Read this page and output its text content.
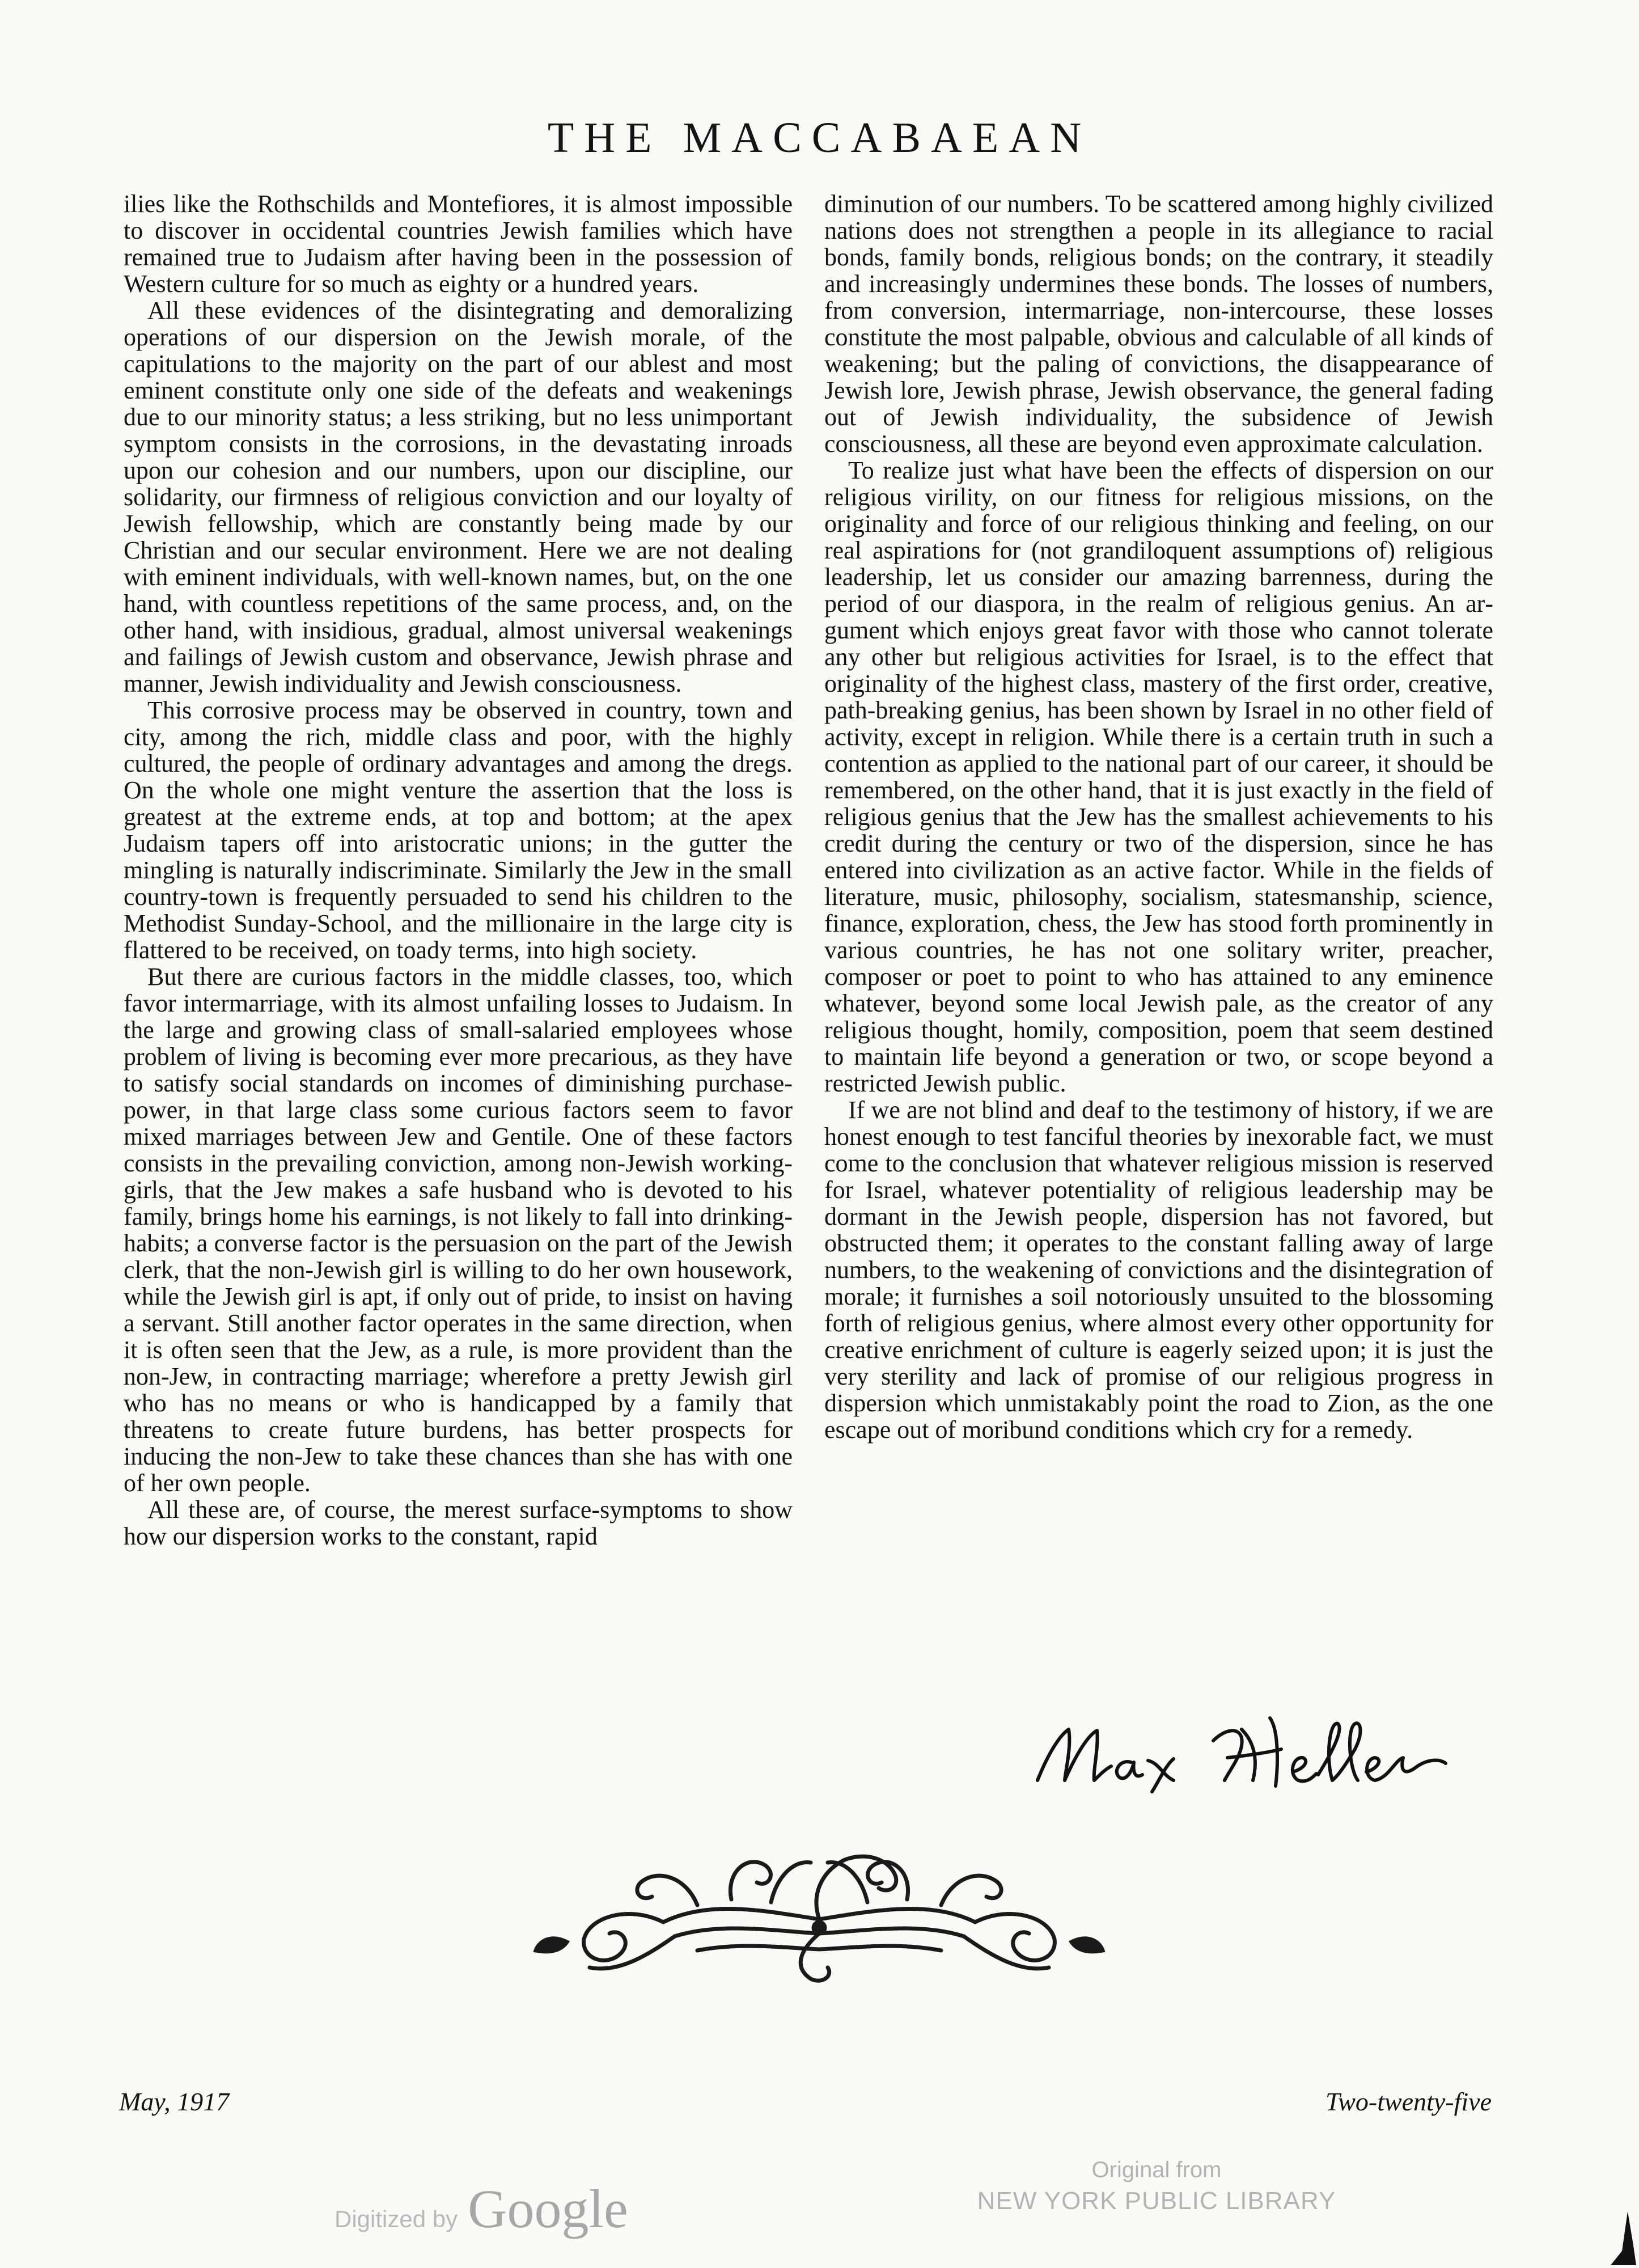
THE MACCABAEAN

ilies like the Rothschilds and Montefiores, it is almost impossible to discover in occidental countries Jewish families which have remained true to Judaism after having been in the possession of Western culture for so much as eighty or a hundred years.

All these evidences of the disintegrating and demoralizing operations of our dispersion on the Jewish morale, of the capitulations to the majority on the part of our ablest and most eminent constitute only one side of the defeats and weakenings due to our minority status; a less striking, but no less unimportant symptom consists in the corrosions, in the devastating inroads upon our cohesion and our numbers, upon our discipline, our solidarity, our firmness of religious conviction and our loyalty of Jewish fellowship, which are constantly being made by our Christian and our secular environment. Here we are not dealing with eminent individuals, with well-known names, but, on the one hand, with countless repetitions of the same process, and, on the other hand, with insidious, gradual, almost universal weakenings and failings of Jewish custom and observance, Jewish phrase and manner, Jewish individuality and Jewish consciousness.

This corrosive process may be observed in country, town and city, among the rich, middle class and poor, with the highly cultured, the people of ordinary advantages and among the dregs. On the whole one might venture the assertion that the loss is greatest at the extreme ends, at top and bottom; at the apex Judaism tapers off into aristocratic unions; in the gutter the mingling is naturally indiscriminate. Similarly the Jew in the small country-town is frequently persuaded to send his children to the Methodist Sunday-School, and the millionaire in the large city is flattered to be received, on toady terms, into high society.

But there are curious factors in the middle classes, too, which favor intermarriage, with its almost unfailing losses to Judaism. In the large and growing class of small-salaried employees whose problem of living is becoming ever more precarious, as they have to satisfy social standards on incomes of diminishing purchase-power, in that large class some curious factors seem to favor mixed marriages between Jew and Gentile. One of these factors consists in the prevailing conviction, among non-Jewish working-girls, that the Jew makes a safe husband who is devoted to his family, brings home his earnings, is not likely to fall into drinking-habits; a converse factor is the persuasion on the part of the Jewish clerk, that the non-Jewish girl is willing to do her own housework, while the Jewish girl is apt, if only out of pride, to insist on having a servant. Still another factor operates in the same direction, when it is often seen that the Jew, as a rule, is more provident than the non-Jew, in contracting marriage; wherefore a pretty Jewish girl who has no means or who is handicapped by a family that threatens to create future burdens, has better prospects for inducing the non-Jew to take these chances than she has with one of her own people.

All these are, of course, the merest surface-symptoms to show how our dispersion works to the constant, rapid

diminution of our numbers. To be scattered among highly civilized nations does not strengthen a people in its allegiance to racial bonds, family bonds, religious bonds; on the contrary, it steadily and increasingly undermines these bonds. The losses of numbers, from conversion, intermarriage, non-intercourse, these losses constitute the most palpable, obvious and calculable of all kinds of weakening; but the paling of convictions, the disappearance of Jewish lore, Jewish phrase, Jewish observance, the general fading out of Jewish individuality, the subsidence of Jewish consciousness, all these are beyond even approximate calculation.

To realize just what have been the effects of dispersion on our religious virility, on our fitness for religious missions, on the originality and force of our religious thinking and feeling, on our real aspirations for (not grandiloquent assumptions of) religious leadership, let us consider our amazing barrenness, during the period of our diaspora, in the realm of religious genius. An argument which enjoys great favor with those who cannot tolerate any other but religious activities for Israel, is to the effect that originality of the highest class, mastery of the first order, creative, path-breaking genius, has been shown by Israel in no other field of activity, except in religion. While there is a certain truth in such a contention as applied to the national part of our career, it should be remembered, on the other hand, that it is just exactly in the field of religious genius that the Jew has the smallest achievements to his credit during the century or two of the dispersion, since he has entered into civilization as an active factor. While in the fields of literature, music, philosophy, socialism, statesmanship, science, finance, exploration, chess, the Jew has stood forth prominently in various countries, he has not one solitary writer, preacher, composer or poet to point to who has attained to any eminence whatever, beyond some local Jewish pale, as the creator of any religious thought, homily, composition, poem that seem destined to maintain life beyond a generation or two, or scope beyond a restricted Jewish public.

If we are not blind and deaf to the testimony of history, if we are honest enough to test fanciful theories by inexorable fact, we must come to the conclusion that whatever religious mission is reserved for Israel, whatever potentiality of religious leadership may be dormant in the Jewish people, dispersion has not favored, but obstructed them; it operates to the constant falling away of large numbers, to the weakening of convictions and the disintegration of morale; it furnishes a soil notoriously unsuited to the blossoming forth of religious genius, where almost every other opportunity for creative enrichment of culture is eagerly seized upon; it is just the very sterility and lack of promise of our religious progress in dispersion which unmistakably point the road to Zion, as the one escape out of moribund conditions which cry for a remedy.

May, 1917	Two-twenty-five
Digitized by Google
Original from
NEW YORK PUBLIC LIBRARY
